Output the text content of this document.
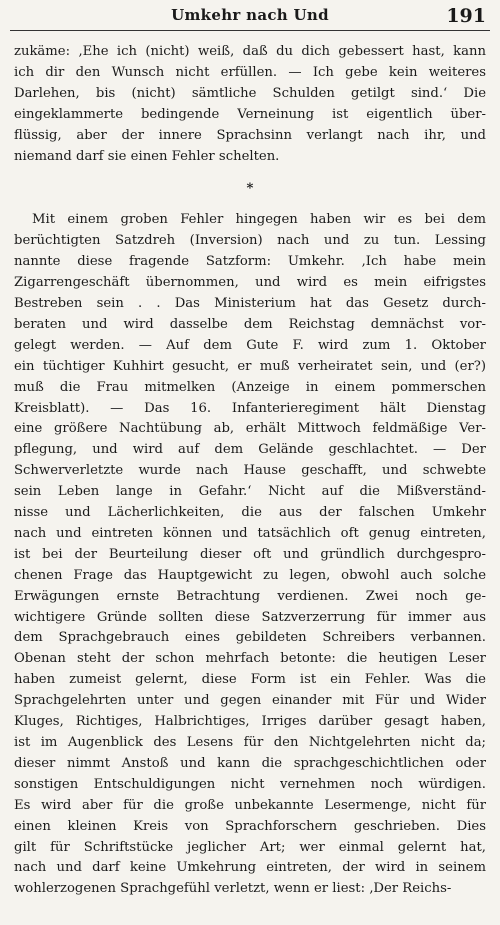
Umkehr nach Und	191
zukäme: ‚Ehe ich (nicht) weiß, daß du dich gebessert hast, kann
ich dir den Wunsch nicht erfüllen. — Ich gebe kein weiteres
Darlehen, bis (nicht) sämtliche Schulden getilgt sind.‘ Die
eingeklammerte bedingende Verneinung ist eigentlich über-
flüssig, aber der innere Sprachsinn verlangt nach ihr, und
niemand darf sie einen Fehler schelten.
*
Mit einem groben Fehler hingegen haben wir es bei dem
berüchtigten Satzdreh (Inversion) nach und zu tun. Lessing
nannte diese fragende Satzform: Umkehr. ‚Ich habe mein
Zigarrengeschäft übernommen, und wird es mein eifrigstes
Bestreben sein . . Das Ministerium hat das Gesetz durch-
beraten und wird dasselbe dem Reichstag demnächst vor-
gelegt werden. — Auf dem Gute F. wird zum 1. Oktober
ein tüchtiger Kuhhirt gesucht, er muß verheiratet sein, und (er?)
muß die Frau mitmelken (Anzeige in einem pommerschen
Kreisblatt). — Das 16. Infanterieregiment hält Dienstag
eine größere Nachtübung ab, erhält Mittwoch feldmäßige Ver-
pflegung, und wird auf dem Gelände geschlachtet. — Der
Schwerverletzte wurde nach Hause geschafft, und schwebte
sein Leben lange in Gefahr.‘ Nicht auf die Mißverständ-
nisse und Lächerlichkeiten, die aus der falschen Umkehr
nach und eintreten können und tatsächlich oft genug eintreten,
ist bei der Beurteilung dieser oft und gründlich durchgespro-
chenen Frage das Hauptgewicht zu legen, obwohl auch solche
Erwägungen ernste Betrachtung verdienen. Zwei noch ge-
wichtigere Gründe sollten diese Satzverzerrung für immer aus
dem Sprachgebrauch eines gebildeten Schreibers verbannen.
Obenan steht der schon mehrfach betonte: die heutigen Leser
haben zumeist gelernt, diese Form ist ein Fehler. Was die
Sprachgelehrten unter und gegen einander mit Für und Wider
Kluges, Richtiges, Halbrichtiges, Irriges darüber gesagt haben,
ist im Augenblick des Lesens für den Nichtgelehrten nicht da;
dieser nimmt Anstoß und kann die sprachgeschichtlichen oder
sonstigen Entschuldigungen nicht vernehmen noch würdigen.
Es wird aber für die große unbekannte Lesermenge, nicht für
einen kleinen Kreis von Sprachforschern geschrieben. Dies
gilt für Schriftstücke jeglicher Art; wer einmal gelernt hat,
nach und darf keine Umkehrung eintreten, der wird in seinem
wohlerzogenen Sprachgefühl verletzt, wenn er liest: ‚Der Reichs-
